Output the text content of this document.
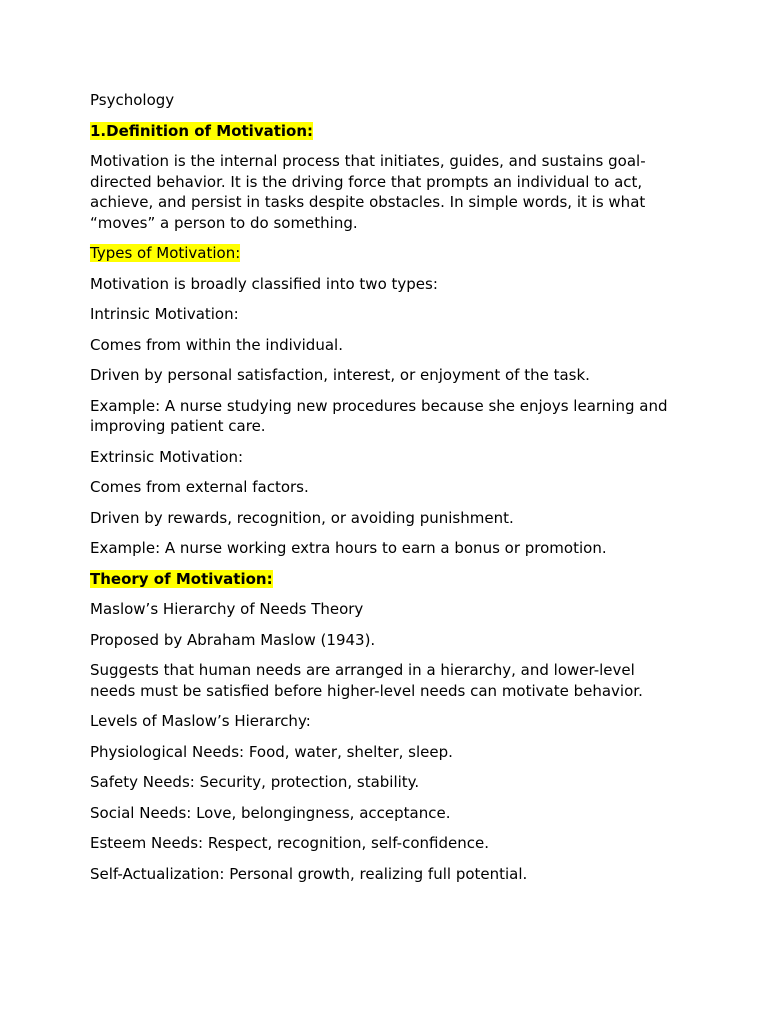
Psychology

1.Definition of Motivation:

Motivation is the internal process that initiates, guides, and sustains goal-directed behavior. It is the driving force that prompts an individual to act, achieve, and persist in tasks despite obstacles. In simple words, it is what “moves” a person to do something.

Types of Motivation:

Motivation is broadly classified into two types:

Intrinsic Motivation:

Comes from within the individual.

Driven by personal satisfaction, interest, or enjoyment of the task.

Example: A nurse studying new procedures because she enjoys learning and improving patient care.

Extrinsic Motivation:

Comes from external factors.

Driven by rewards, recognition, or avoiding punishment.

Example: A nurse working extra hours to earn a bonus or promotion.

Theory of Motivation:

Maslow’s Hierarchy of Needs Theory

Proposed by Abraham Maslow (1943).

Suggests that human needs are arranged in a hierarchy, and lower-level needs must be satisfied before higher-level needs can motivate behavior.

Levels of Maslow’s Hierarchy:

Physiological Needs: Food, water, shelter, sleep.

Safety Needs: Security, protection, stability.

Social Needs: Love, belongingness, acceptance.

Esteem Needs: Respect, recognition, self-confidence.

Self-Actualization: Personal growth, realizing full potential.
